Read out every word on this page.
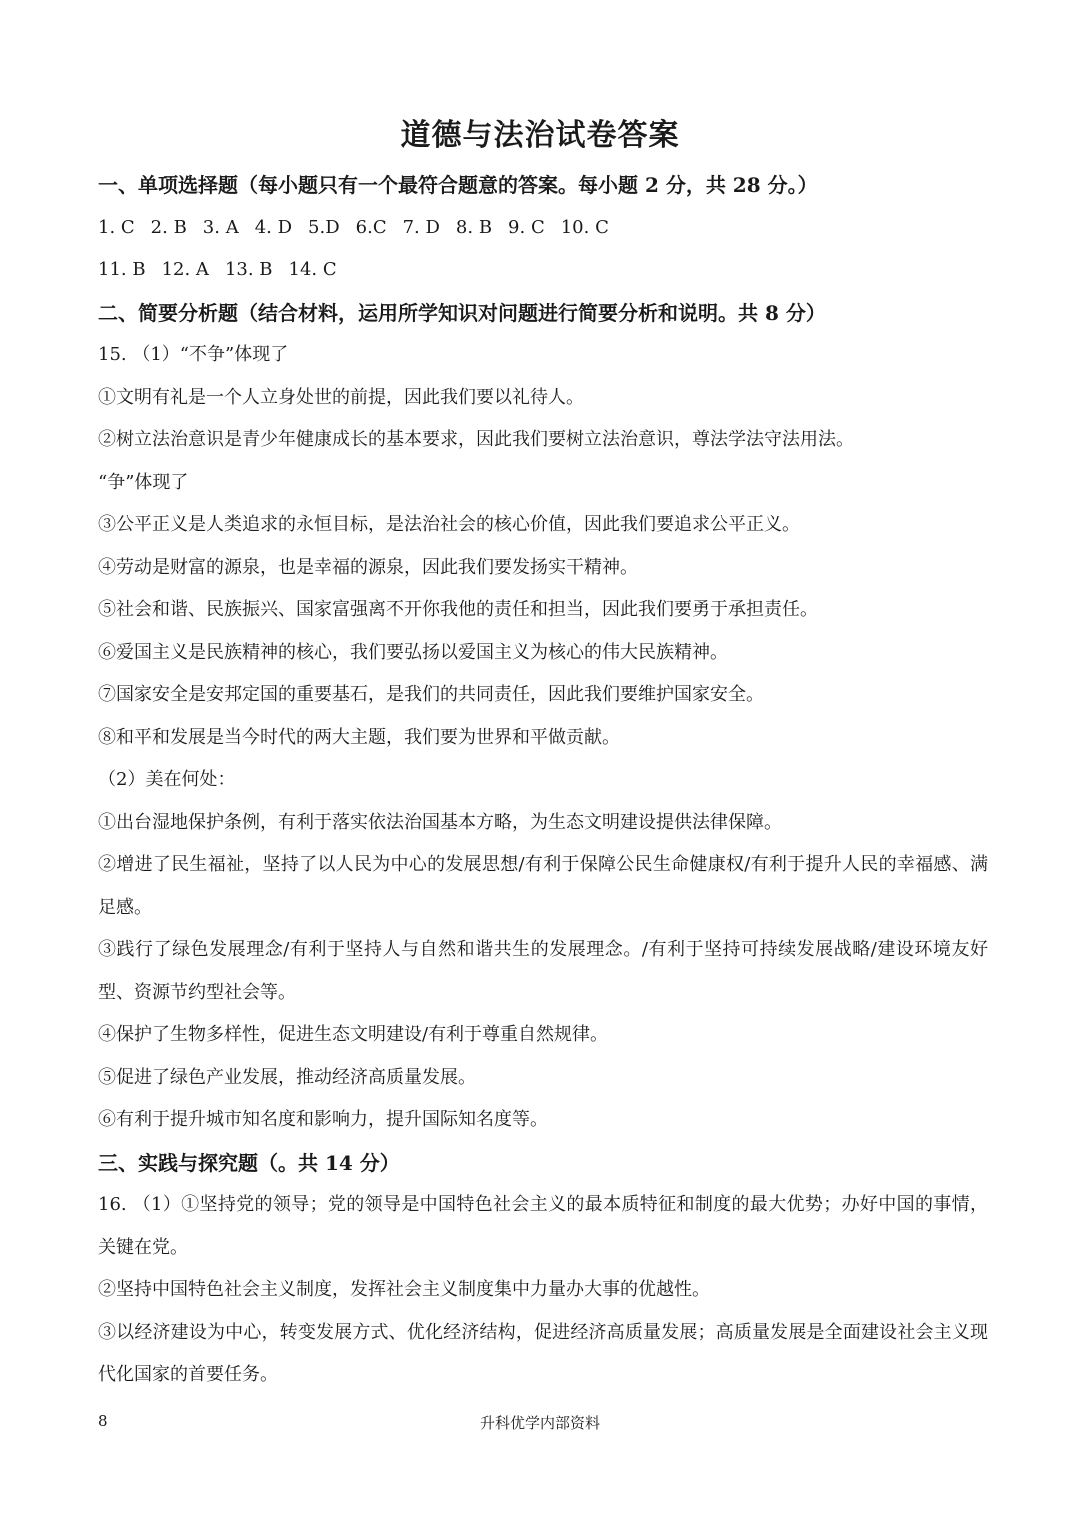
道德与法治试卷答案
一、单项选择题（每小题只有一个最符合题意的答案。每小题 2 分，共 28 分。）
1. C 2. B 3. A 4. D 5.D 6.C 7. D 8. B 9. C 10. C
11. B 12. A 13. B 14. C
二、简要分析题（结合材料，运用所学知识对问题进行简要分析和说明。共 8 分）
15. （1）“不争”体现了
①文明有礼是一个人立身处世的前提，因此我们要以礼待人。
②树立法治意识是青少年健康成长的基本要求，因此我们要树立法治意识，尊法学法守法用法。
“争”体现了
③公平正义是人类追求的永恒目标，是法治社会的核心价值，因此我们要追求公平正义。
④劳动是财富的源泉，也是幸福的源泉，因此我们要发扬实干精神。
⑤社会和谐、民族振兴、国家富强离不开你我他的责任和担当，因此我们要勇于承担责任。
⑥爱国主义是民族精神的核心，我们要弘扬以爱国主义为核心的伟大民族精神。
⑦国家安全是安邦定国的重要基石，是我们的共同责任，因此我们要维护国家安全。
⑧和平和发展是当今时代的两大主题，我们要为世界和平做贡献。
（2）美在何处：
①出台湿地保护条例，有利于落实依法治国基本方略，为生态文明建设提供法律保障。
②增进了民生福祉，坚持了以人民为中心的发展思想/有利于保障公民生命健康权/有利于提升人民的幸福感、满足感。
③践行了绿色发展理念/有利于坚持人与自然和谐共生的发展理念。/有利于坚持可持续发展战略/建设环境友好型、资源节约型社会等。
④保护了生物多样性，促进生态文明建设/有利于尊重自然规律。
⑤促进了绿色产业发展，推动经济高质量发展。
⑥有利于提升城市知名度和影响力，提升国际知名度等。
三、实践与探究题（。共 14 分）
16. （1）①坚持党的领导；党的领导是中国特色社会主义的最本质特征和制度的最大优势；办好中国的事情，关键在党。
②坚持中国特色社会主义制度，发挥社会主义制度集中力量办大事的优越性。
③以经济建设为中心，转变发展方式、优化经济结构，促进经济高质量发展；高质量发展是全面建设社会主义现代化国家的首要任务。
8	升科优学内部资料
